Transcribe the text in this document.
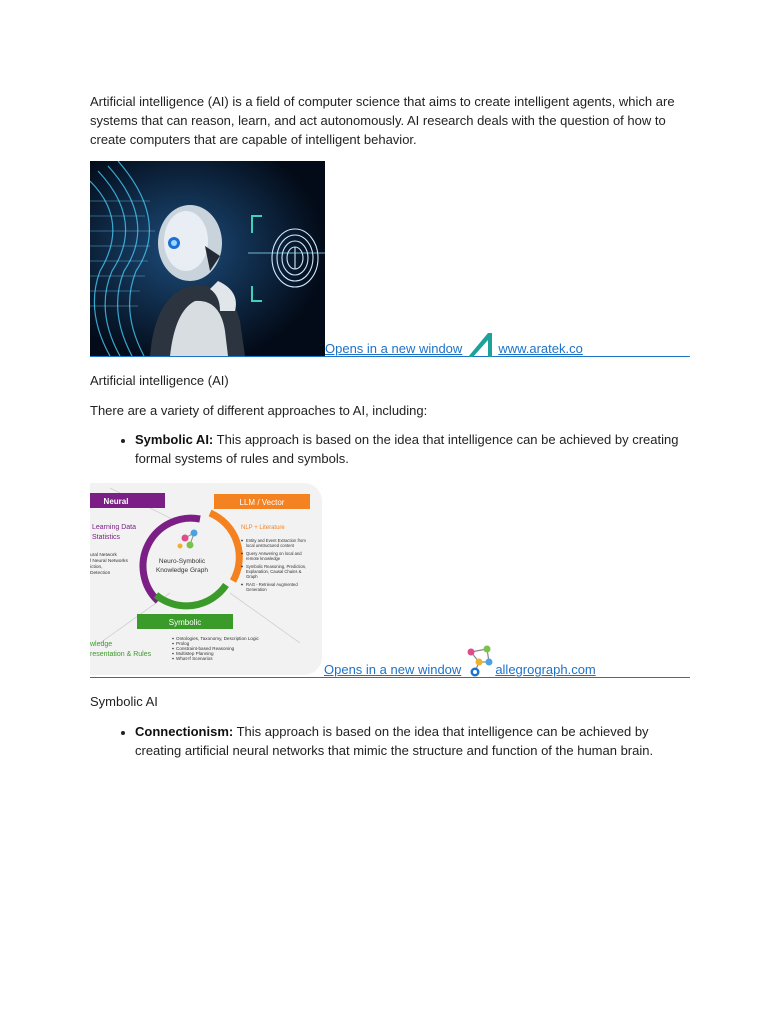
Artificial intelligence (AI) is a field of computer science that aims to create intelligent agents, which are systems that can reason, learn, and act autonomously. AI research deals with the question of how to create computers that are capable of intelligent behavior.

Opens in a new window	www.aratek.co

Artificial intelligence (AI)

There are a variety of different approaches to AI, including:

• Symbolic AI: This approach is based on the idea that intelligence can be achieved by creating formal systems of rules and symbols.
Neuro-Symbolic
Knowledge Graph
Neural
Learning Data
Statistics
ural Network
l Neural Networks
iction,
Detection
LLM / Vector
NLP + Literature
Entity and Event Extraction from
local unstructured content
Query Answering on local and
remote knowledge
Symbolic Reasoning, Prediction,
Explanation, Causal Chains &
Graph
RAG - Retrieval Augmented
Generation
Symbolic
Ontologies, Taxonomy, Description Logic
Prolog
Constraint-based Reasoning
Multistep Planning
What-If Scenarios
wledge
resentation & Rules
Opens in a new window	allegrograph.com

Symbolic AI

• Connectionism: This approach is based on the idea that intelligence can be achieved by creating artificial neural networks that mimic the structure and function of the human brain.
